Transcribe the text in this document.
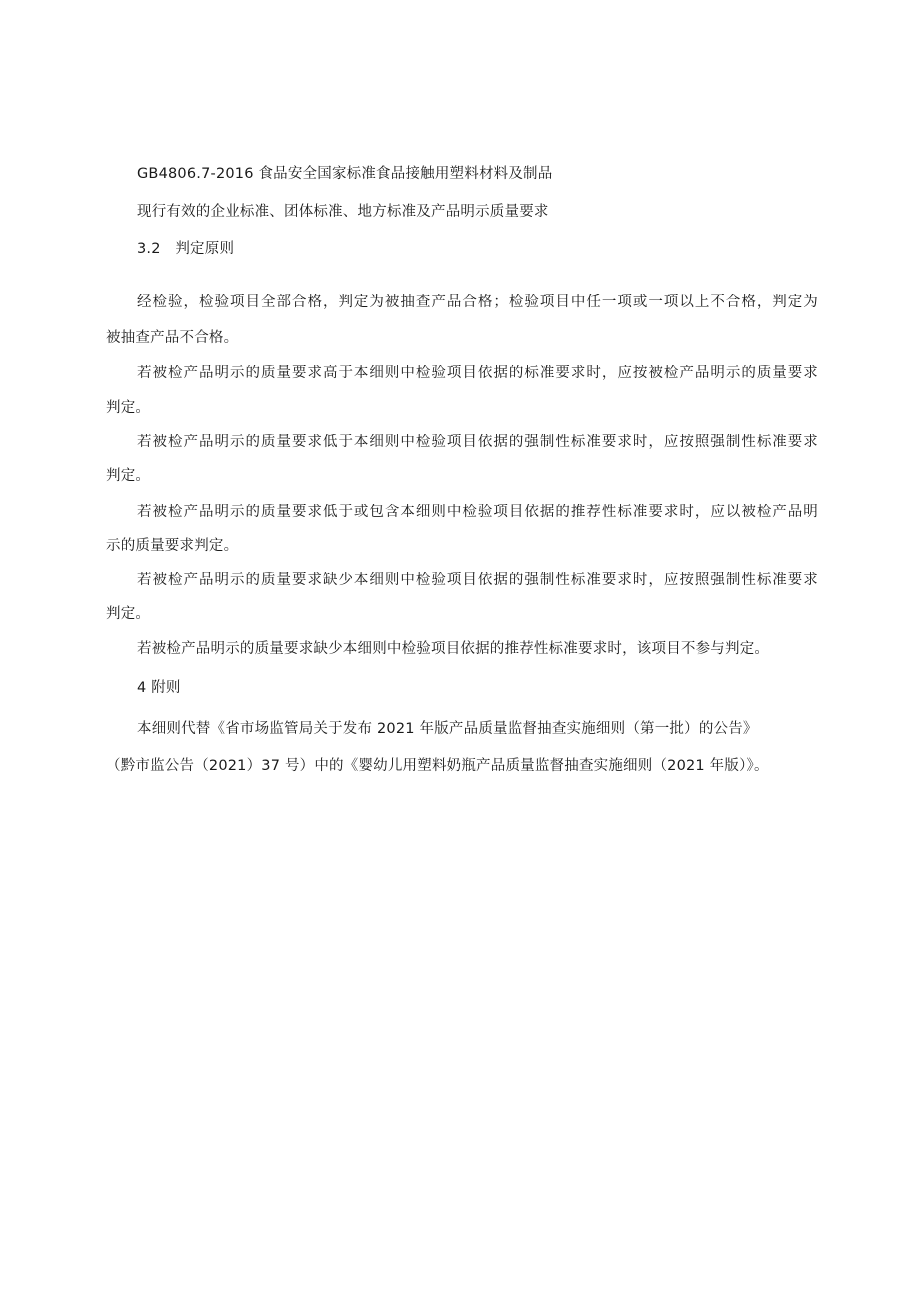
GB4806.7-2016 食品安全国家标准食品接触用塑料材料及制品
现行有效的企业标准、团体标准、地方标准及产品明示质量要求
3.2　判定原则
经检验，检验项目全部合格，判定为被抽查产品合格；检验项目中任一项或一项以上不合格，判定为
被抽查产品不合格。
若被检产品明示的质量要求高于本细则中检验项目依据的标准要求时，应按被检产品明示的质量要求
判定。
若被检产品明示的质量要求低于本细则中检验项目依据的强制性标准要求时，应按照强制性标准要求
判定。
若被检产品明示的质量要求低于或包含本细则中检验项目依据的推荐性标准要求时，应以被检产品明
示的质量要求判定。
若被检产品明示的质量要求缺少本细则中检验项目依据的强制性标准要求时，应按照强制性标准要求
判定。
若被检产品明示的质量要求缺少本细则中检验项目依据的推荐性标准要求时，该项目不参与判定。
4 附则
本细则代替《省市场监管局关于发布 2021 年版产品质量监督抽查实施细则（第一批）的公告》
（黔市监公告（2021）37 号）中的《婴幼儿用塑料奶瓶产品质量监督抽查实施细则（2021 年版）》。
